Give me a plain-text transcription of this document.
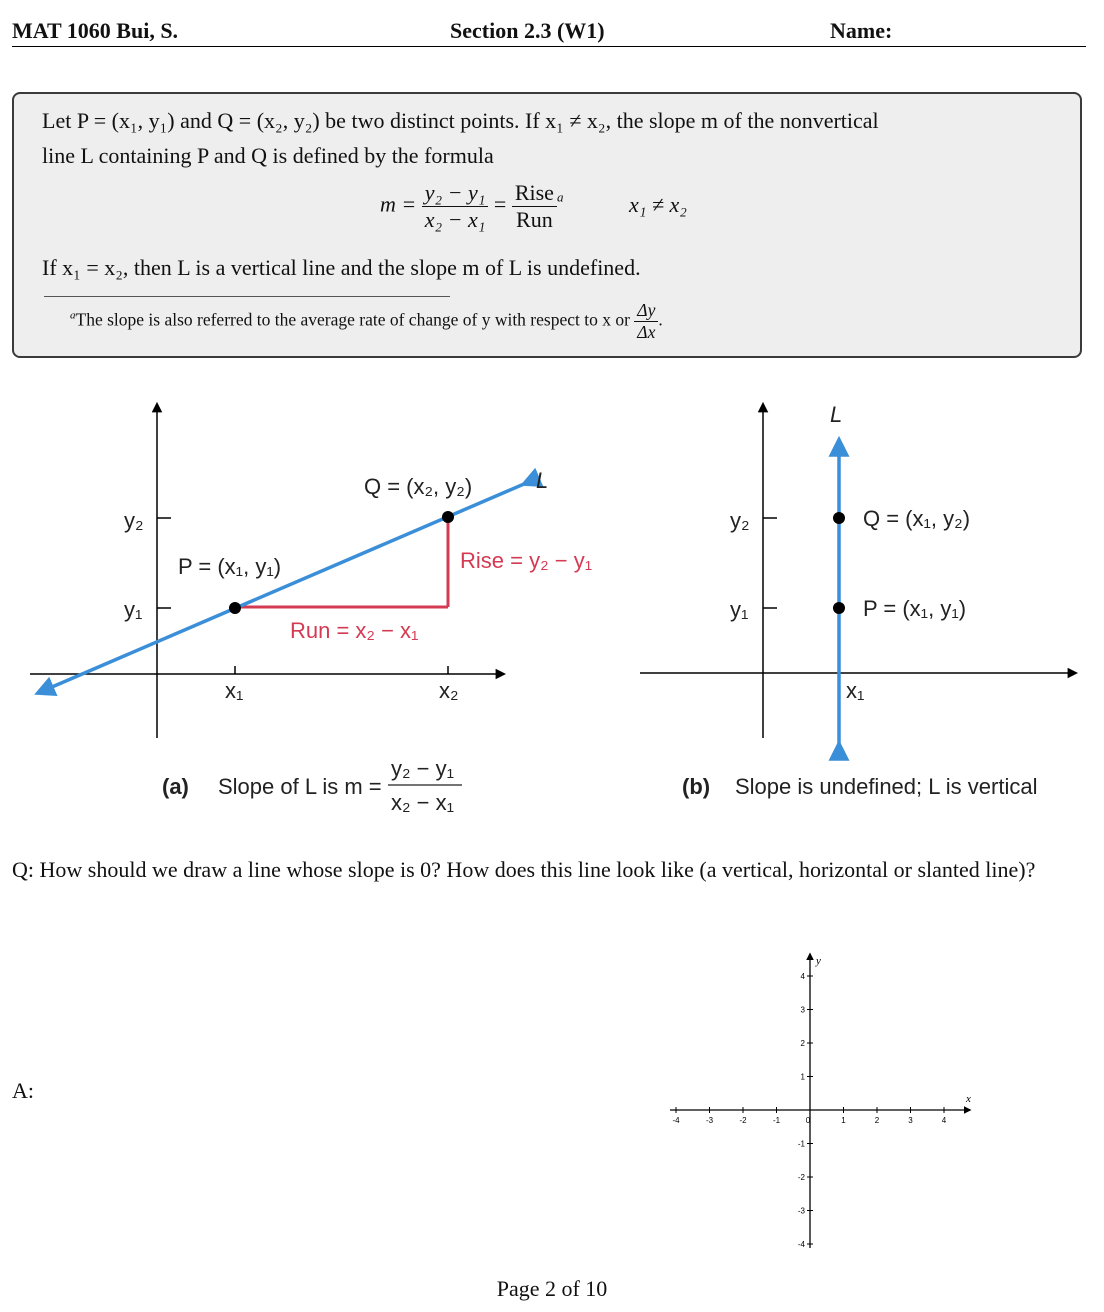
MAT 1060 Bui, S.	Section 2.3 (W1)	Name:
Let P = (x₁, y₁) and Q = (x₂, y₂) be two distinct points. If x₁ ≠ x₂, the slope m of the nonvertical
line L containing P and Q is defined by the formula
$m = \frac{\text{y₂ − y₁}}{\text{x₂ − x₁}} = \frac{\text{Rise}}{\text{Run}} ^a$	x₁ ≠ x₂
If x₁ = x₂, then L is a vertical line and the slope m of L is undefined.
$^a$The slope is also referred to the average rate of change of y with respect to x or $\frac{\Delta y}{\Delta x}$ .
y₂
y₁
x₁	x₂
Q = (x₂, y₂)
P = (x₁, y₁)
L
Rise = y₂ − y₁
Run = x₂ − x₁
(a) Slope of L is m =
y₂ − y₁
x₂ − x₁
y₂
y₁
x₁
Q = (x₁, y₂)
P = (x₁, y₁)
L
(b) Slope is undefined; L is vertical
Q: How should we draw a line whose slope is 0? How does this line look like (a vertical, horizontal or slanted line)?
A:	x
y
-4	-3	-2	-1	0	1	2	3	4
4
3
2
1
-1
-2
-3
-4
Page 2 of 10
